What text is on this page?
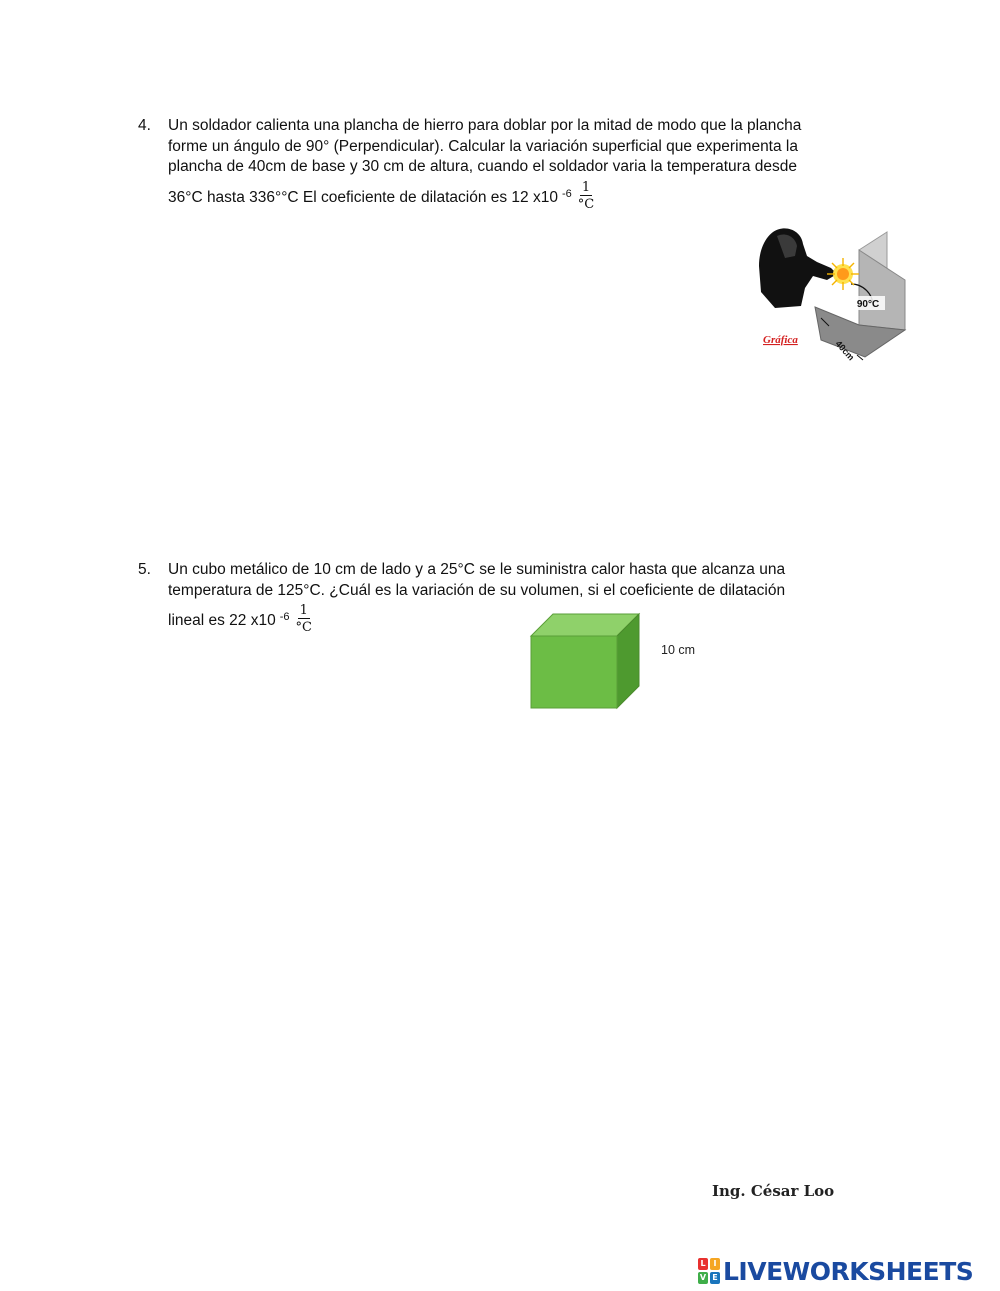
4. Un soldador calienta una plancha de hierro para doblar por la mitad de modo que la plancha
forme un ángulo de 90° (Perpendicular). Calcular la variación superficial que experimenta la
plancha de 40cm de base y 30 cm de altura, cuando el soldador varia la temperatura desde
36°C hasta 336°°C El coeficiente de dilatación es 12 x10 $-6 \frac{1}{^\circ C}$
90°C
40cm
Gráfica
5. Un cubo metálico de 10 cm de lado y a 25°C se le suministra calor hasta que alcanza una
temperatura de 125°C. ¿Cuál es la variación de su volumen, si el coeficiente de dilatación
lineal es 22 x10 $-6 \frac{1}{^\circ C}$
10 cm
Ing. César Loo
L I
V E LIVEWORKSHEETS
